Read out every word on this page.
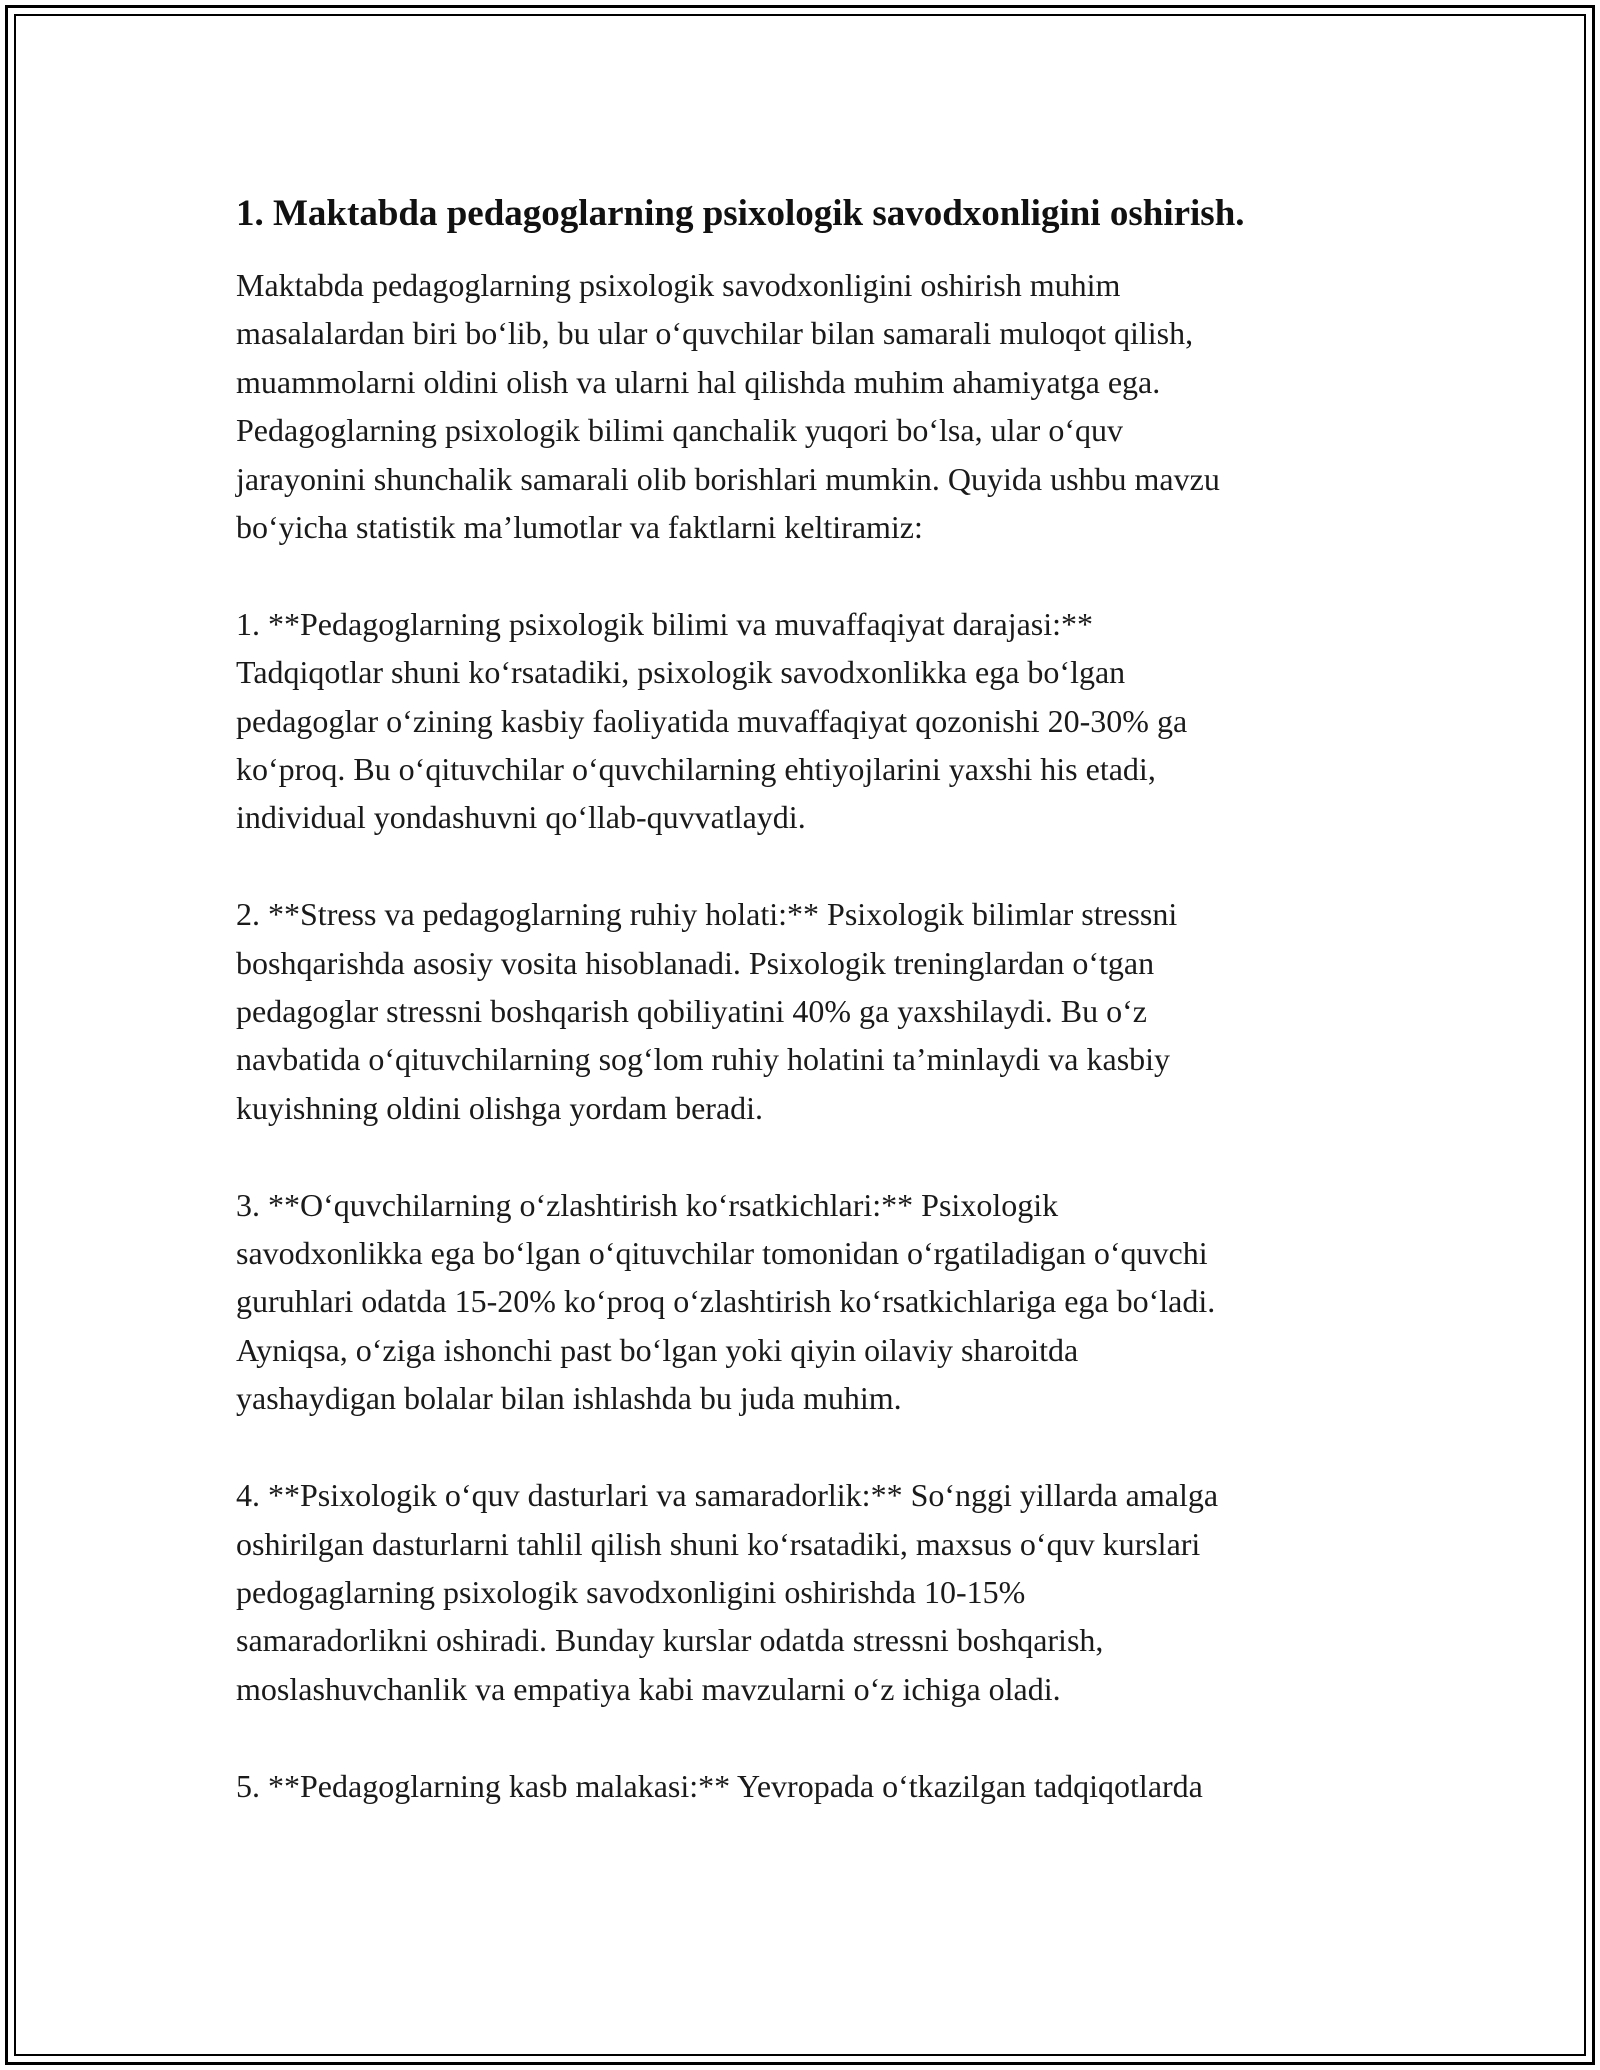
1. Maktabda pedagoglarning psixologik savodxonligini oshirish.

Maktabda pedagoglarning psixologik savodxonligini oshirish muhim
masalalardan biri bo‘lib, bu ular o‘quvchilar bilan samarali muloqot qilish,
muammolarni oldini olish va ularni hal qilishda muhim ahamiyatga ega.
Pedagoglarning psixologik bilimi qanchalik yuqori bo‘lsa, ular o‘quv
jarayonini shunchalik samarali olib borishlari mumkin. Quyida ushbu mavzu
bo‘yicha statistik ma’lumotlar va faktlarni keltiramiz:

1. **Pedagoglarning psixologik bilimi va muvaffaqiyat darajasi:**
Tadqiqotlar shuni ko‘rsatadiki, psixologik savodxonlikka ega bo‘lgan
pedagoglar o‘zining kasbiy faoliyatida muvaffaqiyat qozonishi 20-30% ga
ko‘proq. Bu o‘qituvchilar o‘quvchilarning ehtiyojlarini yaxshi his etadi,
individual yondashuvni qo‘llab-quvvatlaydi.

2. **Stress va pedagoglarning ruhiy holati:** Psixologik bilimlar stressni
boshqarishda asosiy vosita hisoblanadi. Psixologik treninglardan o‘tgan
pedagoglar stressni boshqarish qobiliyatini 40% ga yaxshilaydi. Bu o‘z
navbatida o‘qituvchilarning sog‘lom ruhiy holatini ta’minlaydi va kasbiy
kuyishning oldini olishga yordam beradi.

3. **O‘quvchilarning o‘zlashtirish ko‘rsatkichlari:** Psixologik
savodxonlikka ega bo‘lgan o‘qituvchilar tomonidan o‘rgatiladigan o‘quvchi
guruhlari odatda 15-20% ko‘proq o‘zlashtirish ko‘rsatkichlariga ega bo‘ladi.
Ayniqsa, o‘ziga ishonchi past bo‘lgan yoki qiyin oilaviy sharoitda
yashaydigan bolalar bilan ishlashda bu juda muhim.

4. **Psixologik o‘quv dasturlari va samaradorlik:** So‘nggi yillarda amalga
oshirilgan dasturlarni tahlil qilish shuni ko‘rsatadiki, maxsus o‘quv kurslari
pedogaglarning psixologik savodxonligini oshirishda 10-15%
samaradorlikni oshiradi. Bunday kurslar odatda stressni boshqarish,
moslashuvchanlik va empatiya kabi mavzularni o‘z ichiga oladi.

5. **Pedagoglarning kasb malakasi:** Yevropada o‘tkazilgan tadqiqotlarda
